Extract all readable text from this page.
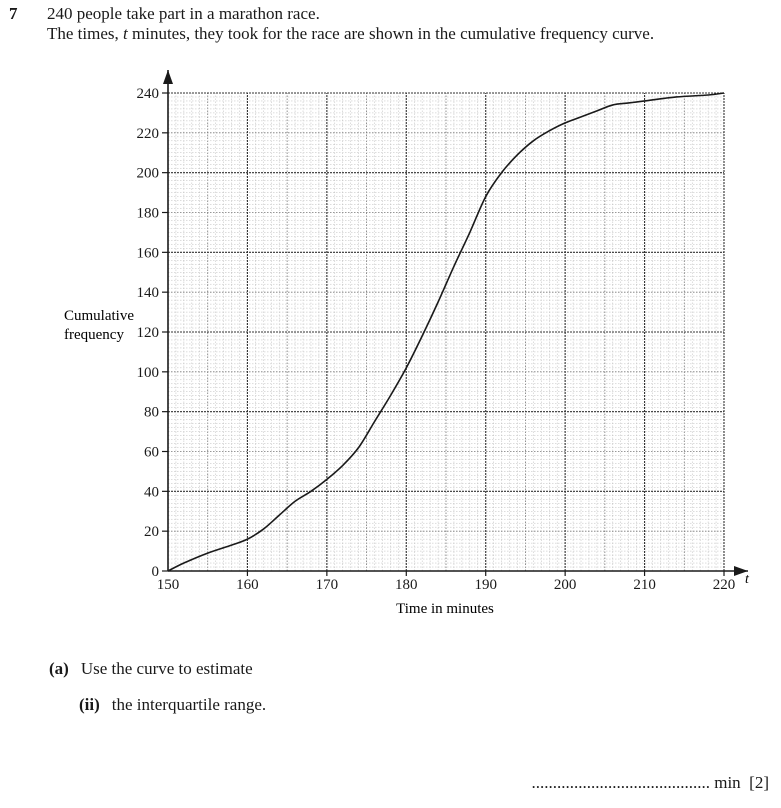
7 240 people take part in a marathon race.
The times, t minutes, they took for the race are shown in the cumulative frequency curve.
0
20
40
60
80
100
120
140
160
180
200
220
240
150	160	170	180	190	200	210	220
Cumulative
frequency
Time in minutes
t
(a) Use the curve to estimate
(ii) the interquartile range.
.......................................... min [2]
